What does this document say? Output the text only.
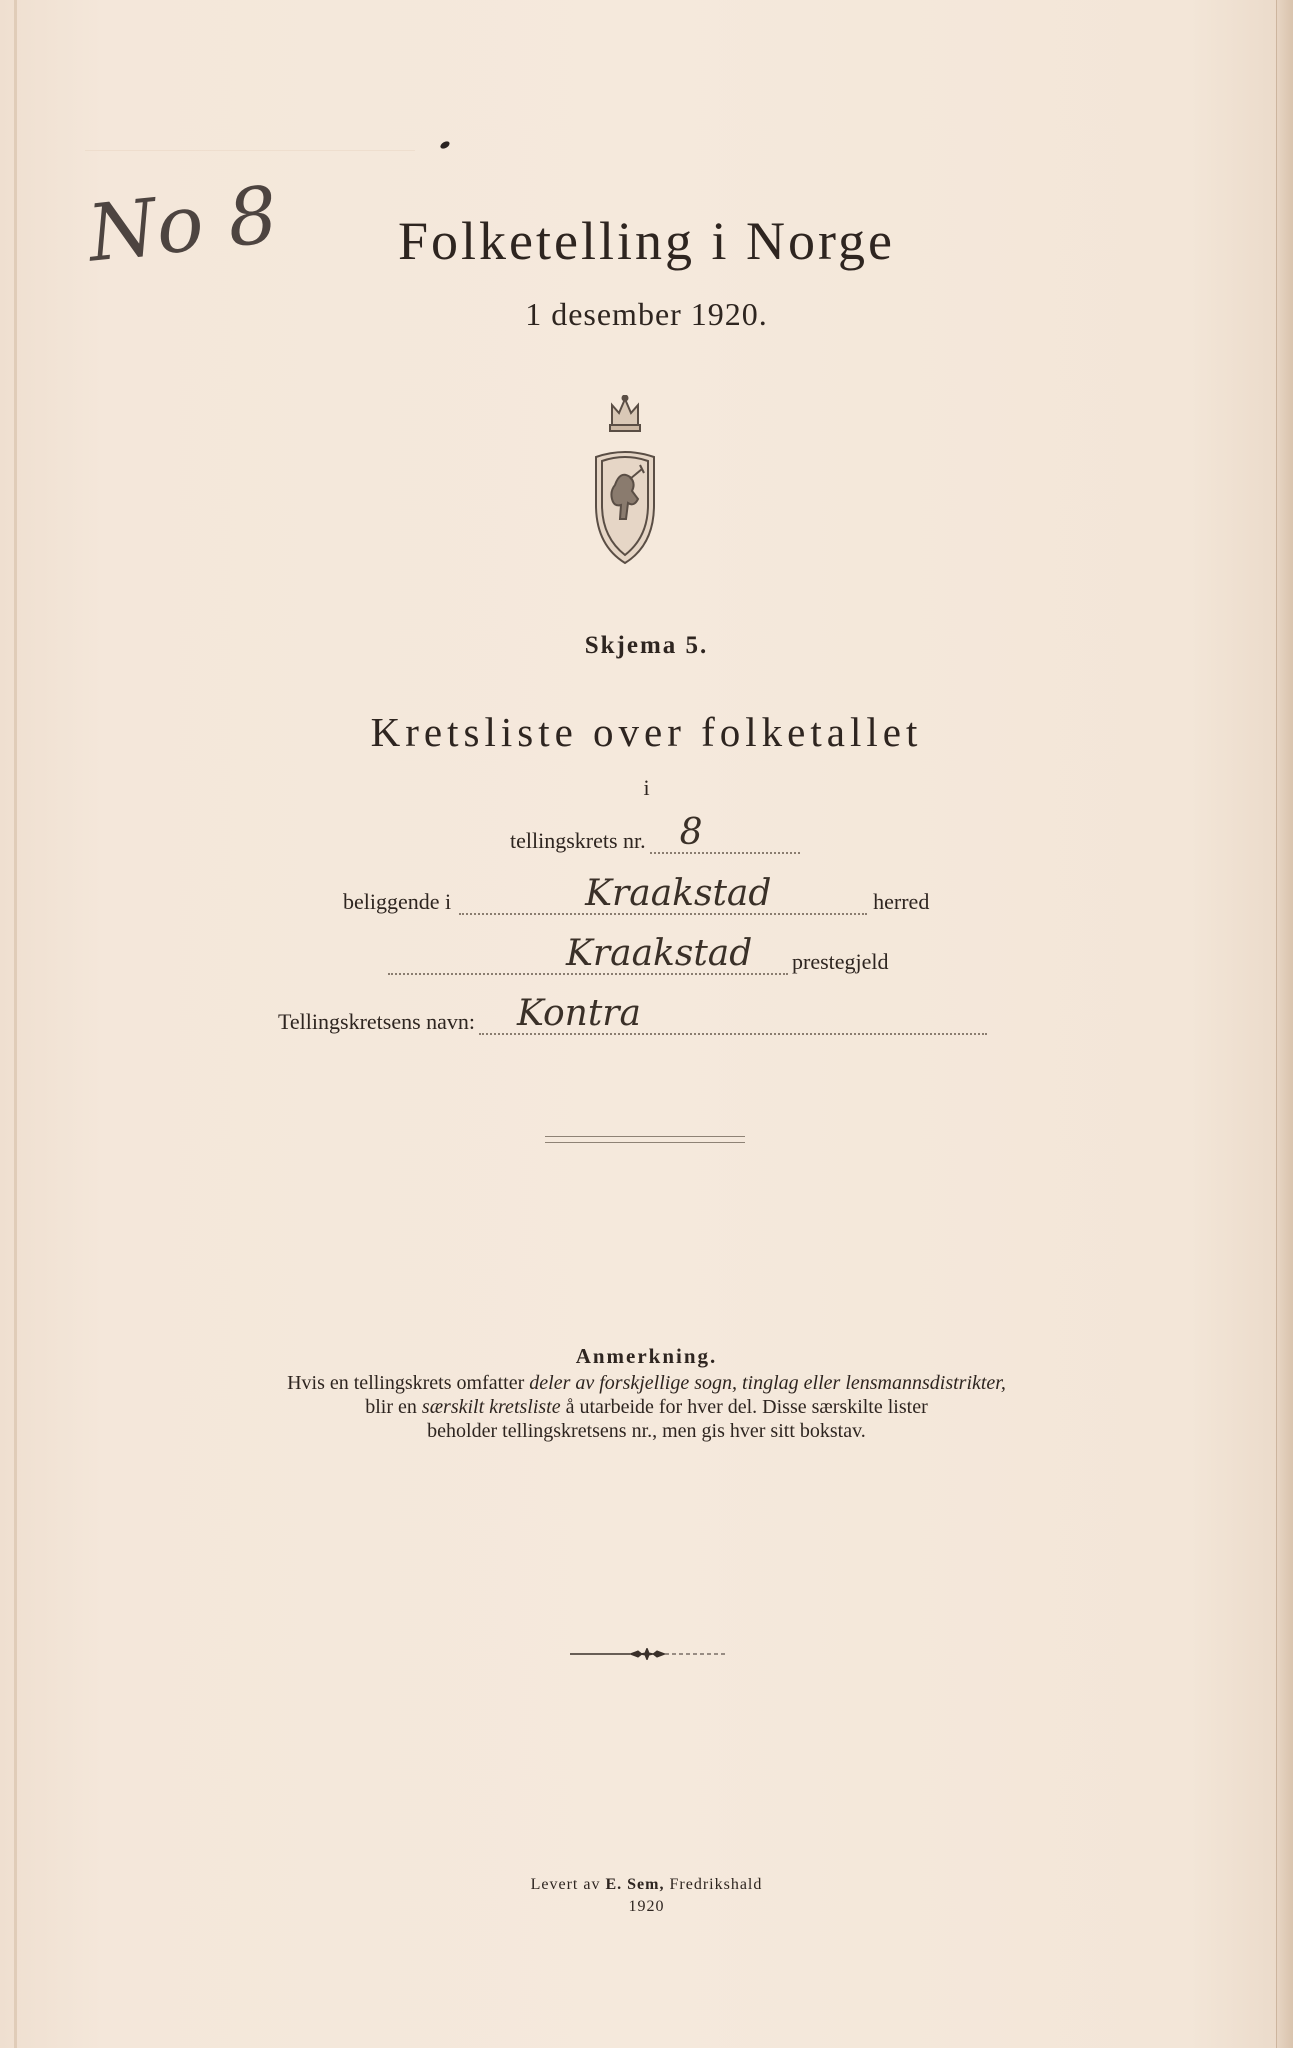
No 8	Folketelling i Norge
1 desember 1920.
Skjema 5.
Kretsliste over folketallet
i
tellingskrets nr. 8
beliggende i	Kraakstad	herred
Kraakstad prestegjeld
Tellingskretsens navn: Kontra
Anmerkning.
Hvis en tellingskrets omfatter deler av forskjellige sogn, tinglag eller lensmannsdistrikter,
blir en særskilt kretsliste å utarbeide for hver del. Disse særskilte lister
beholder tellingskretsens nr., men gis hver sitt bokstav.
Levert av E. Sem, Fredrikshald
1920
